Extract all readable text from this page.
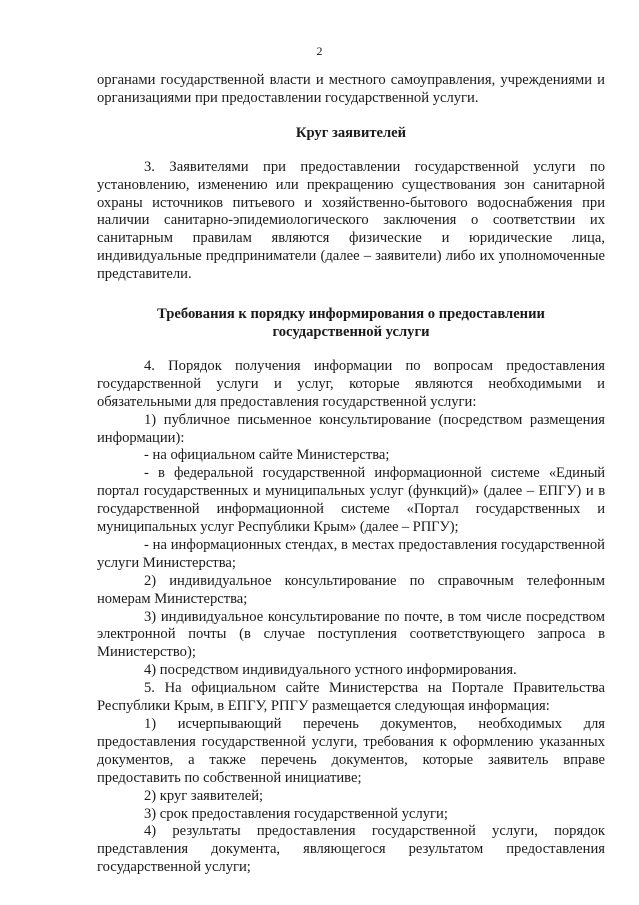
2

органами государственной власти и местного самоуправления, учреждениями и организациями при предоставлении государственной услуги.

Круг заявителей

3. Заявителями при предоставлении государственной услуги по установлению, изменению или прекращению существования зон санитарной охраны источников питьевого и хозяйственно-бытового водоснабжения при наличии санитарно-эпидемиологического заключения о соответствии их санитарным правилам являются физические и юридические лица, индивидуальные предприниматели (далее – заявители) либо их уполномоченные представители.

Требования к порядку информирования о предоставлении
государственной услуги

4. Порядок получения информации по вопросам предоставления государственной услуги и услуг, которые являются необходимыми и обязательными для предоставления государственной услуги:

1) публичное письменное консультирование (посредством размещения информации):

- на официальном сайте Министерства;

- в федеральной государственной информационной системе «Единый портал государственных и муниципальных услуг (функций)» (далее – ЕПГУ) и в государственной информационной системе «Портал государственных и муниципальных услуг Республики Крым» (далее – РПГУ);

- на информационных стендах, в местах предоставления государственной услуги Министерства;

2) индивидуальное консультирование по справочным телефонным номерам Министерства;

3) индивидуальное консультирование по почте, в том числе посредством электронной почты (в случае поступления соответствующего запроса в Министерство);

4) посредством индивидуального устного информирования.

5. На официальном сайте Министерства на Портале Правительства Республики Крым, в ЕПГУ, РПГУ размещается следующая информация:

1) исчерпывающий перечень документов, необходимых для предоставления государственной услуги, требования к оформлению указанных документов, а также перечень документов, которые заявитель вправе предоставить по собственной инициативе;

2) круг заявителей;

3) срок предоставления государственной услуги;

4) результаты предоставления государственной услуги, порядок представления документа, являющегося результатом предоставления государственной услуги;
